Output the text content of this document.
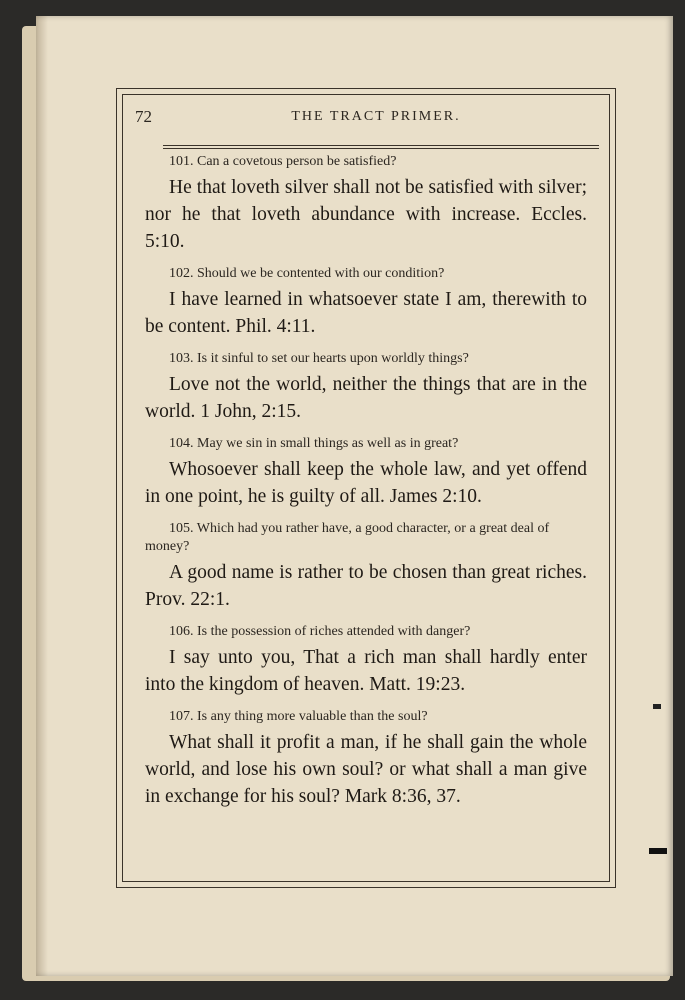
72	THE TRACT PRIMER.
101. Can a covetous person be satisfied?
He that loveth silver shall not be satisfied with silver; nor he that loveth abundance with increase. Eccles. 5:10.
102. Should we be contented with our condition?
I have learned in whatsoever state I am, therewith to be content. Phil. 4:11.
103. Is it sinful to set our hearts upon worldly things?
Love not the world, neither the things that are in the world. 1 John, 2:15.
104. May we sin in small things as well as in great?
Whosoever shall keep the whole law, and yet offend in one point, he is guilty of all. James 2:10.
105. Which had you rather have, a good character, or a great deal of money?
A good name is rather to be chosen than great riches. Prov. 22:1.
106. Is the possession of riches attended with danger?
I say unto you, That a rich man shall hardly enter into the kingdom of heaven. Matt. 19:23.
107. Is any thing more valuable than the soul?
What shall it profit a man, if he shall gain the whole world, and lose his own soul? or what shall a man give in exchange for his soul? Mark 8:36, 37.
